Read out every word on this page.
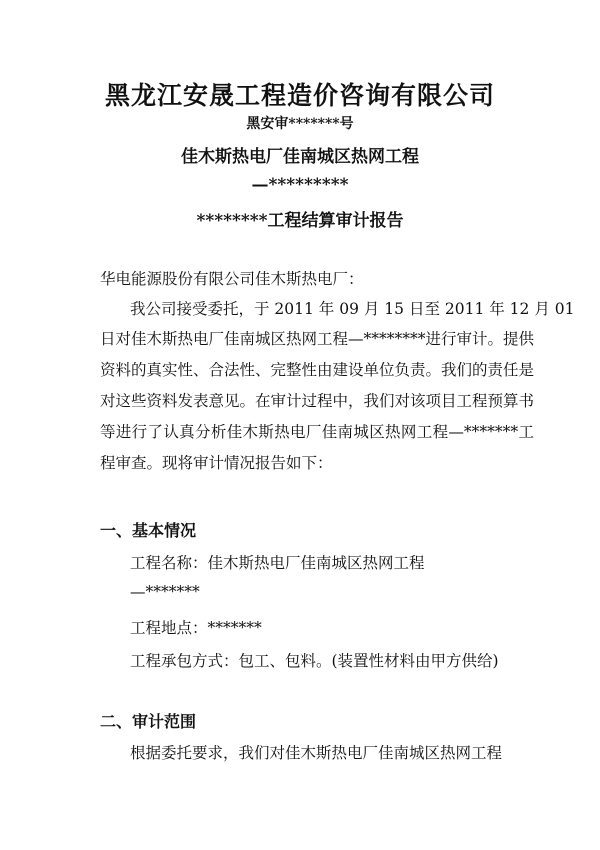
黑龙江安晟工程造价咨询有限公司
黑安审*******号
佳木斯热电厂佳南城区热网工程
—*********
********工程结算审计报告
华电能源股份有限公司佳木斯热电厂：
我公司接受委托，于 2011 年 09 月 15 日至 2011 年 12 月 01
日对佳木斯热电厂佳南城区热网工程—********进行审计。提供
资料的真实性、合法性、完整性由建设单位负责。我们的责任是
对这些资料发表意见。在审计过程中，我们对该项目工程预算书
等进行了认真分析佳木斯热电厂佳南城区热网工程—*******工
程审查。现将审计情况报告如下：
一、基本情况
工程名称：佳木斯热电厂佳南城区热网工程
—*******
工程地点：*******
工程承包方式：包工、包料。(装置性材料由甲方供给)
二、审计范围
根据委托要求，我们对佳木斯热电厂佳南城区热网工程
